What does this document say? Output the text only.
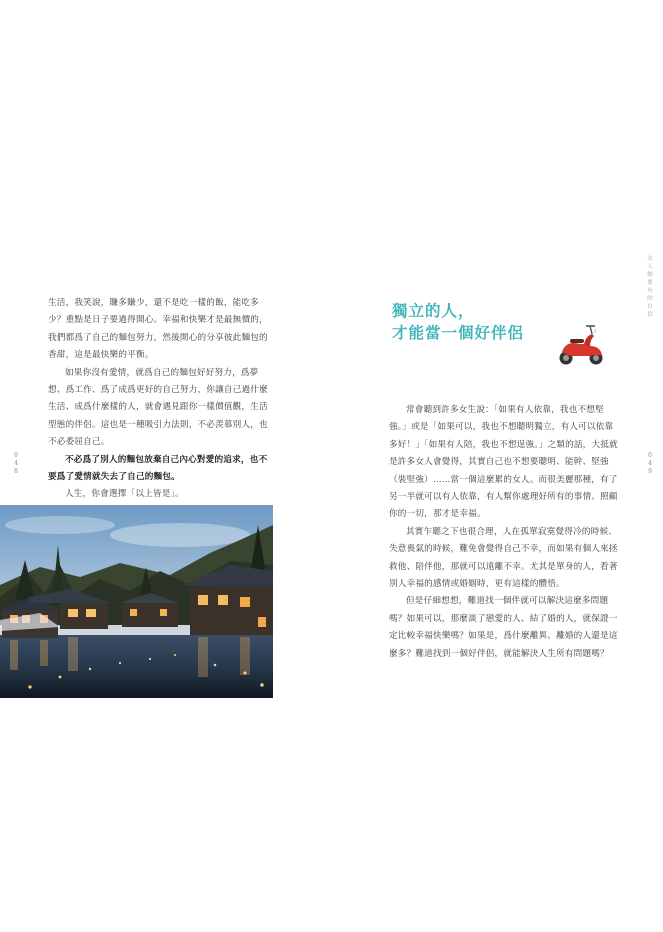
生活，我笑說，賺多賺少，還不是吃一樣的飯，能吃多少？重點是日子要過得開心。幸福和快樂才是最無價的，我們都爲了自己的麵包努力，然後開心的分享彼此麵包的香甜，這是最快樂的平衡。

如果你沒有愛情，就爲自己的麵包好好努力，爲夢想、爲工作、爲了成爲更好的自己努力，你讓自己過什麼生活、成爲什麼樣的人，就會遇見跟你一樣價值觀，生活型態的伴侶。這也是一種吸引力法則，不必羨慕別人，也不必委屈自己。

不必爲了別人的麵包放棄自己內心對愛的追求，也不要爲了愛情就失去了自己的麵包。

人生，你會選擇「以上皆是」。

0
4
8
女
人
總
要
有
的
自
信
0
4
9
獨立的人，
才能當一個好伴侶

常會聽到許多女生說：「如果有人依靠，我也不想堅強。」或是「如果可以，我也不想聰明獨立，有人可以依靠多好！」「如果有人陪，我也不想逞強。」之類的話，大抵就是許多女人會覺得，其實自己也不想要聰明、能幹、堅強（裝堅強）……當一個這麼累的女人。而很美麗那種，有了另一半就可以有人依靠，有人幫你處理好所有的事情、照顧你的一切，那才是幸福。

其實乍聽之下也很合理，人在孤單寂寞覺得冷的時候、失意喪氣的時候，難免會覺得自己不幸，而如果有個人來拯救他、陪伴他，那就可以遠離不幸。尤其是單身的人，看著別人幸福的感情或婚姻時，更有這樣的體悟。

但是仔細想想，難道找一個伴就可以解決這麼多問題嗎？如果可以，那麼談了戀愛的人、結了婚的人，就保證一定比較幸福快樂嗎？如果是，爲什麼離異、離婚的人還是這麼多？難道找到一個好伴侶，就能解決人生所有問題嗎？
